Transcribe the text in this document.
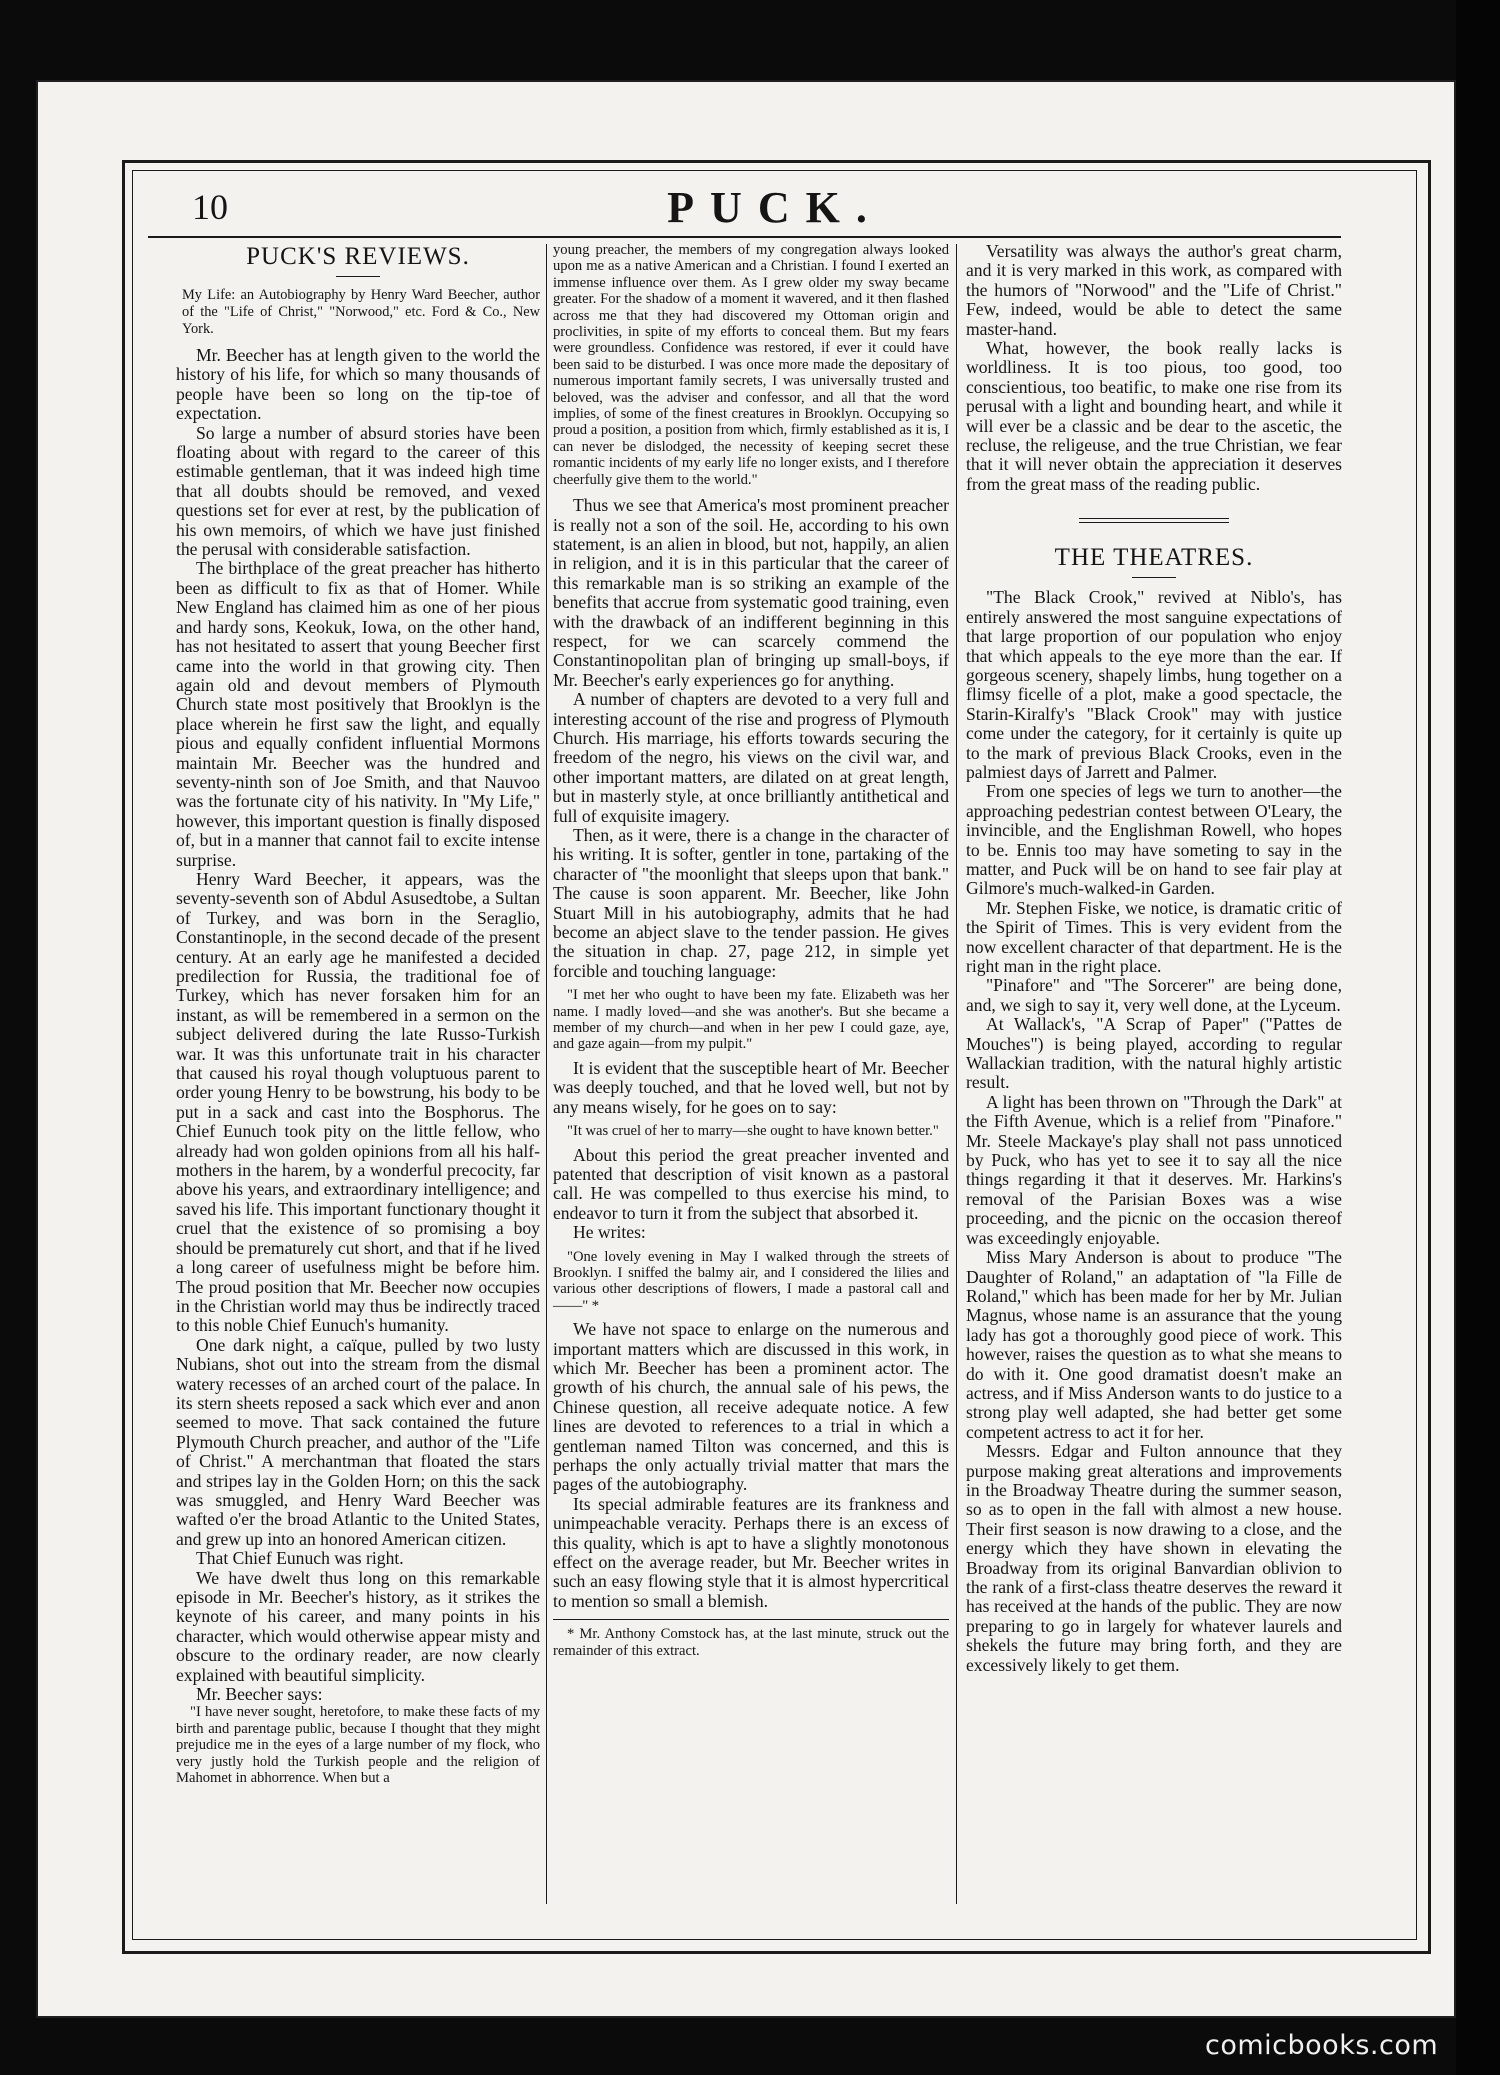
10	PUCK.
PUCK'S REVIEWS.

My Life: an Autobiography by Henry Ward Beecher, author of the "Life of Christ," "Norwood," etc. Ford & Co., New York.

Mr. Beecher has at length given to the world the history of his life, for which so many thousands of people have been so long on the tip-toe of expectation.

So large a number of absurd stories have been floating about with regard to the career of this estimable gentleman, that it was indeed high time that all doubts should be removed, and vexed questions set for ever at rest, by the publication of his own memoirs, of which we have just finished the perusal with considerable satisfaction.

The birthplace of the great preacher has hitherto been as difficult to fix as that of Homer. While New England has claimed him as one of her pious and hardy sons, Keokuk, Iowa, on the other hand, has not hesitated to assert that young Beecher first came into the world in that growing city. Then again old and devout members of Plymouth Church state most positively that Brooklyn is the place wherein he first saw the light, and equally pious and equally confident influential Mormons maintain Mr. Beecher was the hundred and seventy-ninth son of Joe Smith, and that Nauvoo was the fortunate city of his nativity. In "My Life," however, this important question is finally disposed of, but in a manner that cannot fail to excite intense surprise.

Henry Ward Beecher, it appears, was the seventy-seventh son of Abdul Asusedtobe, a Sultan of Turkey, and was born in the Seraglio, Constantinople, in the second decade of the present century. At an early age he manifested a decided predilection for Russia, the traditional foe of Turkey, which has never forsaken him for an instant, as will be remembered in a sermon on the subject delivered during the late Russo-Turkish war. It was this unfortunate trait in his character that caused his royal though voluptuous parent to order young Henry to be bowstrung, his body to be put in a sack and cast into the Bosphorus. The Chief Eunuch took pity on the little fellow, who already had won golden opinions from all his half-mothers in the harem, by a wonderful precocity, far above his years, and extraordinary intelligence; and saved his life. This important functionary thought it cruel that the existence of so promising a boy should be prematurely cut short, and that if he lived a long career of usefulness might be before him. The proud position that Mr. Beecher now occupies in the Christian world may thus be indirectly traced to this noble Chief Eunuch's humanity.

One dark night, a caïque, pulled by two lusty Nubians, shot out into the stream from the dismal watery recesses of an arched court of the palace. In its stern sheets reposed a sack which ever and anon seemed to move. That sack contained the future Plymouth Church preacher, and author of the "Life of Christ." A merchantman that floated the stars and stripes lay in the Golden Horn; on this the sack was smuggled, and Henry Ward Beecher was wafted o'er the broad Atlantic to the United States, and grew up into an honored American citizen.

That Chief Eunuch was right.

We have dwelt thus long on this remarkable episode in Mr. Beecher's history, as it strikes the keynote of his career, and many points in his character, which would otherwise appear misty and obscure to the ordinary reader, are now clearly explained with beautiful simplicity.

Mr. Beecher says:

"I have never sought, heretofore, to make these facts of my birth and parentage public, because I thought that they might prejudice me in the eyes of a large number of my flock, who very justly hold the Turkish people and the religion of Mahomet in abhorrence. When but a

young preacher, the members of my congregation always looked upon me as a native American and a Christian. I found I exerted an immense influence over them. As I grew older my sway became greater. For the shadow of a moment it wavered, and it then flashed across me that they had discovered my Ottoman origin and proclivities, in spite of my efforts to conceal them. But my fears were groundless. Confidence was restored, if ever it could have been said to be disturbed. I was once more made the depositary of numerous important family secrets, I was universally trusted and beloved, was the adviser and confessor, and all that the word implies, of some of the finest creatures in Brooklyn. Occupying so proud a position, a position from which, firmly established as it is, I can never be dislodged, the necessity of keeping secret these romantic incidents of my early life no longer exists, and I therefore cheerfully give them to the world."

Thus we see that America's most prominent preacher is really not a son of the soil. He, according to his own statement, is an alien in blood, but not, happily, an alien in religion, and it is in this particular that the career of this remarkable man is so striking an example of the benefits that accrue from systematic good training, even with the drawback of an indifferent beginning in this respect, for we can scarcely commend the Constantinopolitan plan of bringing up small-boys, if Mr. Beecher's early experiences go for anything.

A number of chapters are devoted to a very full and interesting account of the rise and progress of Plymouth Church. His marriage, his efforts towards securing the freedom of the negro, his views on the civil war, and other important matters, are dilated on at great length, but in masterly style, at once brilliantly antithetical and full of exquisite imagery.

Then, as it were, there is a change in the character of his writing. It is softer, gentler in tone, partaking of the character of "the moonlight that sleeps upon that bank." The cause is soon apparent. Mr. Beecher, like John Stuart Mill in his autobiography, admits that he had become an abject slave to the tender passion. He gives the situation in chap. 27, page 212, in simple yet forcible and touching language:

"I met her who ought to have been my fate. Elizabeth was her name. I madly loved—and she was another's. But she became a member of my church—and when in her pew I could gaze, aye, and gaze again—from my pulpit."

It is evident that the susceptible heart of Mr. Beecher was deeply touched, and that he loved well, but not by any means wisely, for he goes on to say:

"It was cruel of her to marry—she ought to have known better."

About this period the great preacher invented and patented that description of visit known as a pastoral call. He was compelled to thus exercise his mind, to endeavor to turn it from the subject that absorbed it.

He writes:

"One lovely evening in May I walked through the streets of Brooklyn. I sniffed the balmy air, and I considered the lilies and various other descriptions of flowers, I made a pastoral call and ——" *

We have not space to enlarge on the numerous and important matters which are discussed in this work, in which Mr. Beecher has been a prominent actor. The growth of his church, the annual sale of his pews, the Chinese question, all receive adequate notice. A few lines are devoted to references to a trial in which a gentleman named Tilton was concerned, and this is perhaps the only actually trivial matter that mars the pages of the autobiography.

Its special admirable features are its frankness and unimpeachable veracity. Perhaps there is an excess of this quality, which is apt to have a slightly monotonous effect on the average reader, but Mr. Beecher writes in such an easy flowing style that it is almost hypercritical to mention so small a blemish.

* Mr. Anthony Comstock has, at the last minute, struck out the remainder of this extract.

Versatility was always the author's great charm, and it is very marked in this work, as compared with the humors of "Norwood" and the "Life of Christ." Few, indeed, would be able to detect the same master-hand.

What, however, the book really lacks is worldliness. It is too pious, too good, too conscientious, too beatific, to make one rise from its perusal with a light and bounding heart, and while it will ever be a classic and be dear to the ascetic, the recluse, the religeuse, and the true Christian, we fear that it will never obtain the appreciation it deserves from the great mass of the reading public.

THE THEATRES.

"The Black Crook," revived at Niblo's, has entirely answered the most sanguine expectations of that large proportion of our population who enjoy that which appeals to the eye more than the ear. If gorgeous scenery, shapely limbs, hung together on a flimsy ficelle of a plot, make a good spectacle, the Starin-Kiralfy's "Black Crook" may with justice come under the category, for it certainly is quite up to the mark of previous Black Crooks, even in the palmiest days of Jarrett and Palmer.

From one species of legs we turn to another—the approaching pedestrian contest between O'Leary, the invincible, and the Englishman Rowell, who hopes to be. Ennis too may have someting to say in the matter, and Puck will be on hand to see fair play at Gilmore's much-walked-in Garden.

Mr. Stephen Fiske, we notice, is dramatic critic of the Spirit of Times. This is very evident from the now excellent character of that department. He is the right man in the right place.

"Pinafore" and "The Sorcerer" are being done, and, we sigh to say it, very well done, at the Lyceum.

At Wallack's, "A Scrap of Paper" ("Pattes de Mouches") is being played, according to regular Wallackian tradition, with the natural highly artistic result.

A light has been thrown on "Through the Dark" at the Fifth Avenue, which is a relief from "Pinafore." Mr. Steele Mackaye's play shall not pass unnoticed by Puck, who has yet to see it to say all the nice things regarding it that it deserves. Mr. Harkins's removal of the Parisian Boxes was a wise proceeding, and the picnic on the occasion thereof was exceedingly enjoyable.

Miss Mary Anderson is about to produce "The Daughter of Roland," an adaptation of "la Fille de Roland," which has been made for her by Mr. Julian Magnus, whose name is an assurance that the young lady has got a thoroughly good piece of work. This however, raises the question as to what she means to do with it. One good dramatist doesn't make an actress, and if Miss Anderson wants to do justice to a strong play well adapted, she had better get some competent actress to act it for her.

Messrs. Edgar and Fulton announce that they purpose making great alterations and improvements in the Broadway Theatre during the summer season, so as to open in the fall with almost a new house. Their first season is now drawing to a close, and the energy which they have shown in elevating the Broadway from its original Banvardian oblivion to the rank of a first-class theatre deserves the reward it has received at the hands of the public. They are now preparing to go in largely for whatever laurels and shekels the future may bring forth, and they are excessively likely to get them.

comicbooks.com
